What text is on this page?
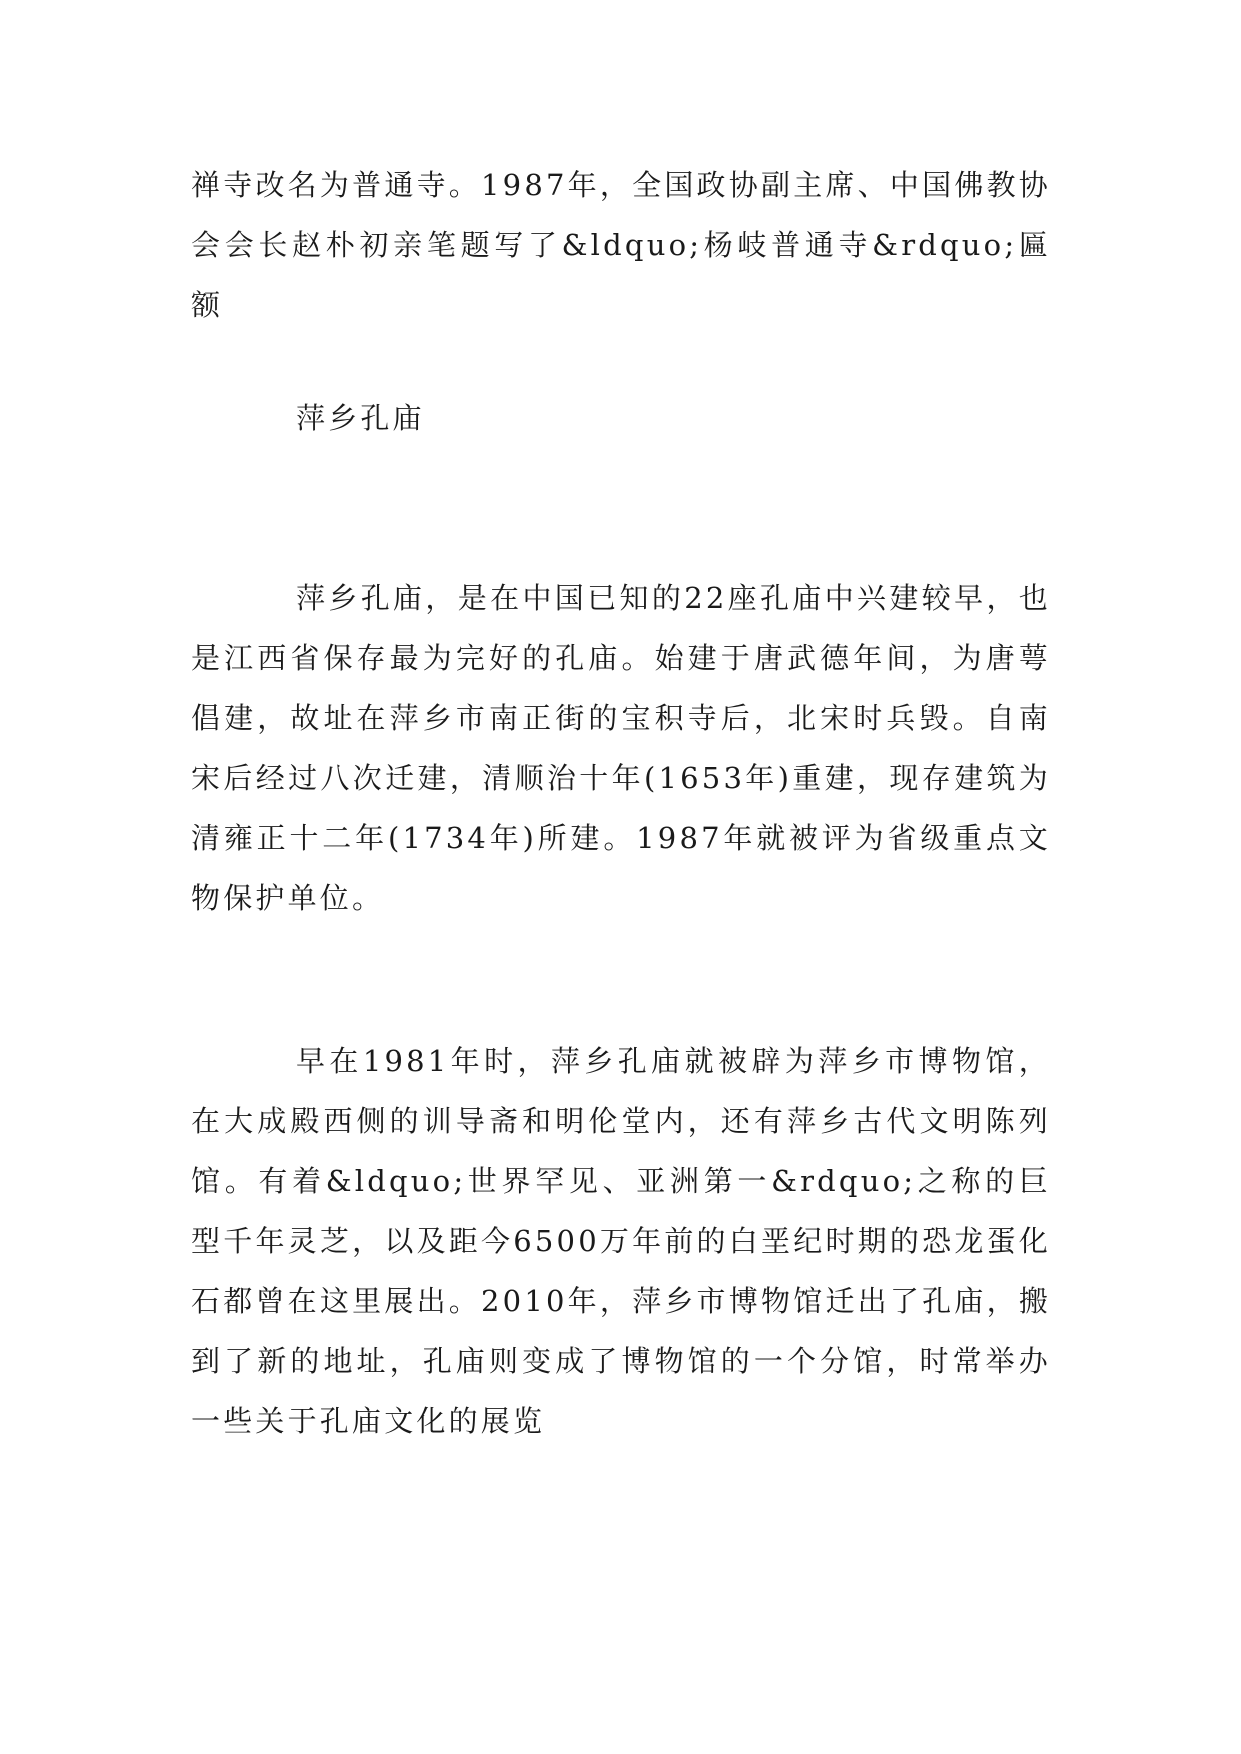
禅寺改名为普通寺。1987年，全国政协副主席、中国佛教协会会长赵朴初亲笔题写了&ldquo;杨岐普通寺&rdquo;匾额

萍乡孔庙

萍乡孔庙，是在中国已知的22座孔庙中兴建较早，也是江西省保存最为完好的孔庙。始建于唐武德年间，为唐萼倡建，故址在萍乡市南正街的宝积寺后，北宋时兵毁。自南宋后经过八次迁建，清顺治十年(1653年)重建，现存建筑为清雍正十二年(1734年)所建。1987年就被评为省级重点文物保护单位。

早在1981年时，萍乡孔庙就被辟为萍乡市博物馆，在大成殿西侧的训导斋和明伦堂内，还有萍乡古代文明陈列馆。有着&ldquo;世界罕见、亚洲第一&rdquo;之称的巨型千年灵芝，以及距今6500万年前的白垩纪时期的恐龙蛋化石都曾在这里展出。2010年，萍乡市博物馆迁出了孔庙，搬到了新的地址，孔庙则变成了博物馆的一个分馆，时常举办一些关于孔庙文化的展览
